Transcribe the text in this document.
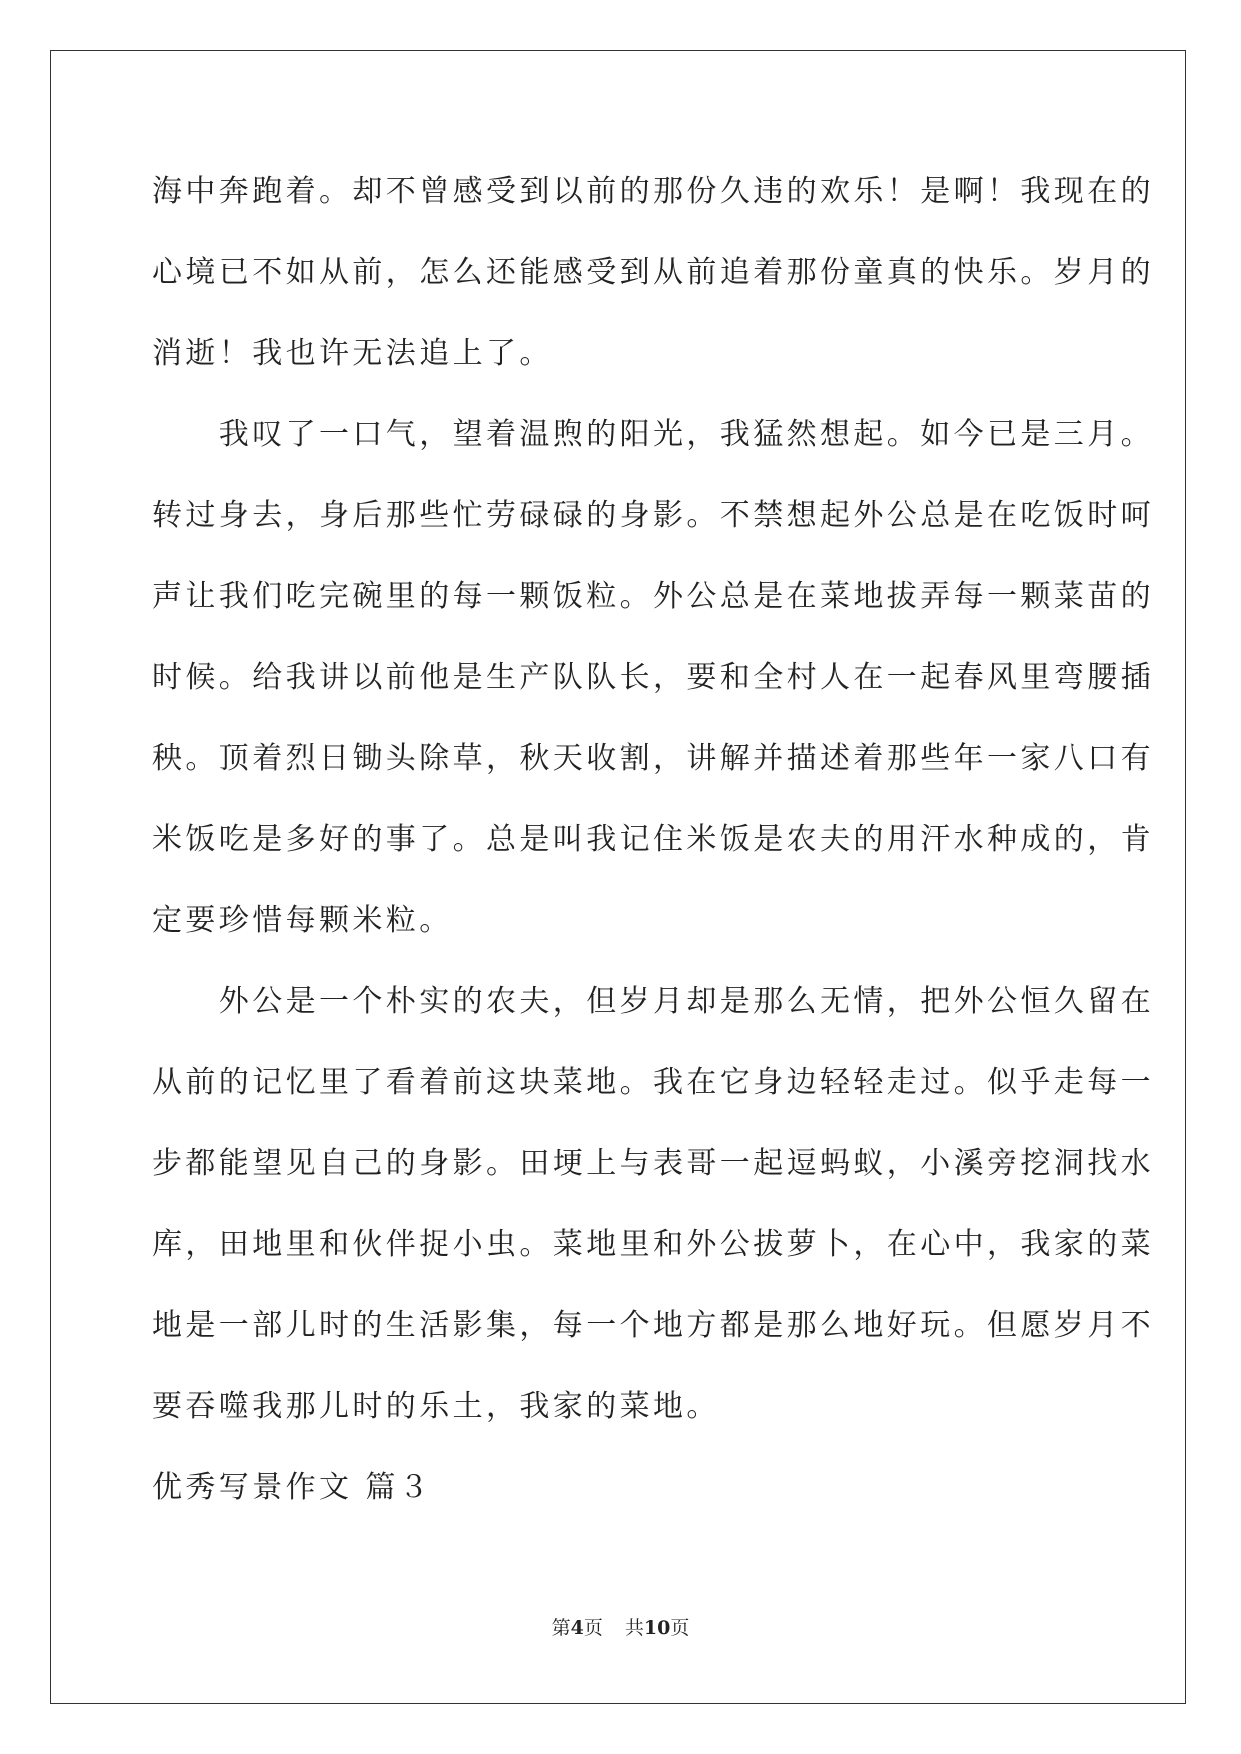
海中奔跑着。却不曾感受到以前的那份久违的欢乐！是啊！我现在的
心境已不如从前，怎么还能感受到从前追着那份童真的快乐。岁月的
消逝！我也许无法追上了。
　　我叹了一口气，望着温煦的阳光，我猛然想起。如今已是三月。
转过身去，身后那些忙劳碌碌的身影。不禁想起外公总是在吃饭时呵
声让我们吃完碗里的每一颗饭粒。外公总是在菜地拔弄每一颗菜苗的
时候。给我讲以前他是生产队队长，要和全村人在一起春风里弯腰插
秧。顶着烈日锄头除草，秋天收割，讲解并描述着那些年一家八口有
米饭吃是多好的事了。总是叫我记住米饭是农夫的用汗水种成的，肯
定要珍惜每颗米粒。
　　外公是一个朴实的农夫，但岁月却是那么无情，把外公恒久留在
从前的记忆里了看着前这块菜地。我在它身边轻轻走过。似乎走每一
步都能望见自己的身影。田埂上与表哥一起逗蚂蚁，小溪旁挖洞找水
库，田地里和伙伴捉小虫。菜地里和外公拔萝卜，在心中，我家的菜
地是一部儿时的生活影集，每一个地方都是那么地好玩。但愿岁月不
要吞噬我那儿时的乐土，我家的菜地。
优秀写景作文 篇３
第4页 共10页
